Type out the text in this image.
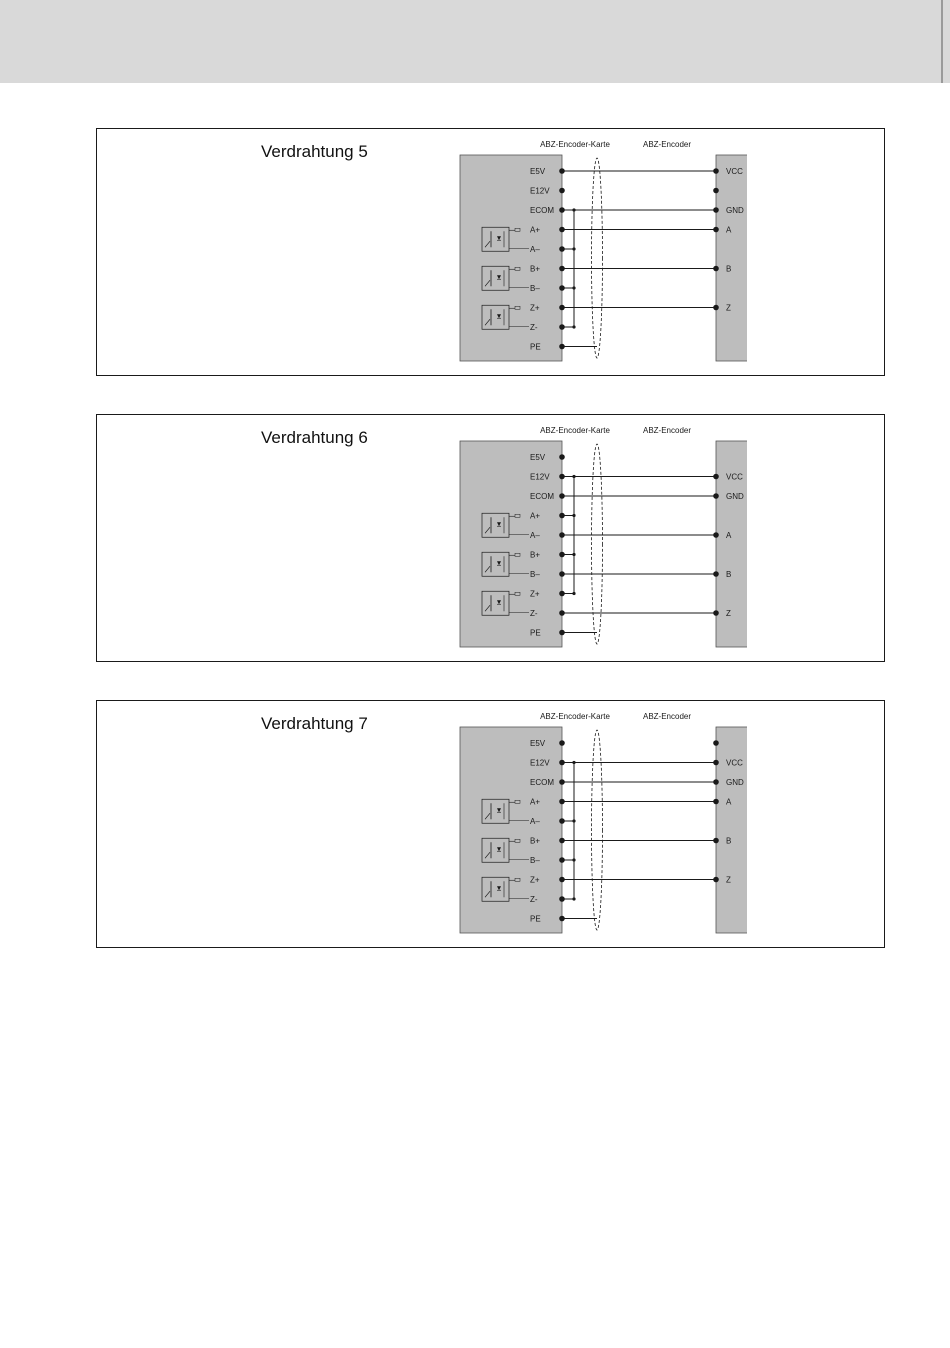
Verdrahtung 5	ABZ-Encoder-Karte	ABZ-Encoder
E5V
E12V
ECOM
A+
A–
B+
B–
Z+
Z-
PE
VCC
GND
A
B
Z
Verdrahtung 6	ABZ-Encoder-Karte	ABZ-Encoder
E5V
E12V
ECOM
A+
A–
B+
B–
Z+
Z-
PE
VCC
GND
A
B
Z
Verdrahtung 7	ABZ-Encoder-Karte	ABZ-Encoder
E5V
E12V
ECOM
A+
A–
B+
B–
Z+
Z-
PE
VCC
GND
A
B
Z
